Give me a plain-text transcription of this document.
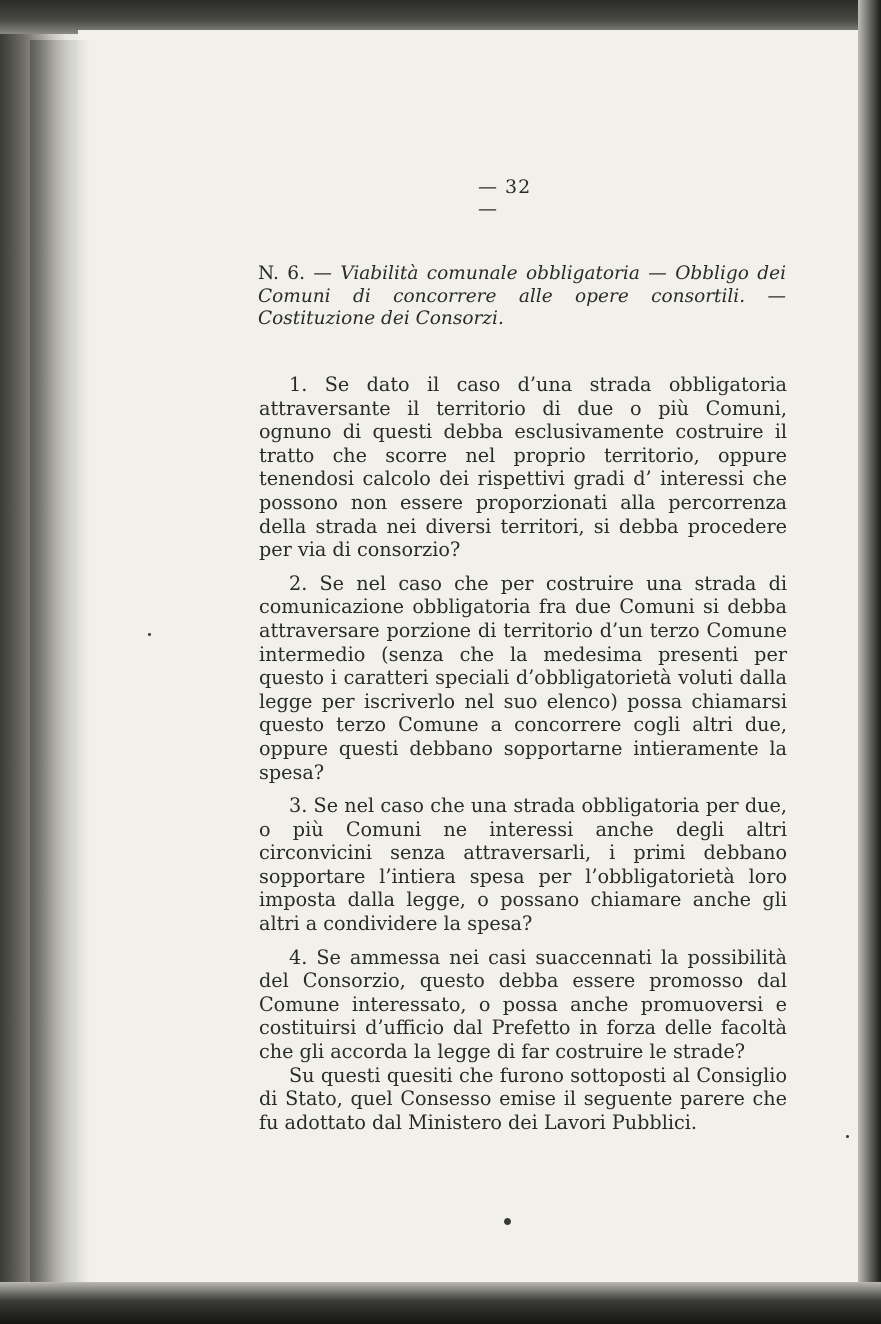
— 32 —
N. 6. — Viabilità comunale obbligatoria — Obbligo dei Comuni di concorrere alle opere consortili. — Costituzione dei Consorzi.

1. Se dato il caso d’una strada obbligatoria attraversante il territorio di due o più Comuni, ognuno di questi debba esclusivamente costruire il tratto che scorre nel proprio territorio, oppure tenendosi calcolo dei rispettivi gradi d’ interessi che possono non essere proporzionati alla percorrenza della strada nei diversi territori, si debba procedere per via di consorzio?

2. Se nel caso che per costruire una strada di comunicazione obbligatoria fra due Comuni si debba attraversare porzione di territorio d’un terzo Comune intermedio (senza che la medesima presenti per questo i caratteri speciali d’obbligatorietà voluti dalla legge per iscriverlo nel suo elenco) possa chiamarsi questo terzo Comune a concorrere cogli altri due, oppure questi debbano sopportarne intieramente la spesa?

3. Se nel caso che una strada obbligatoria per due, o più Comuni ne interessi anche degli altri circonvicini senza attraversarli, i primi debbano sopportare l’intiera spesa per l’obbligatorietà loro imposta dalla legge, o possano chiamare anche gli altri a condividere la spesa?

4. Se ammessa nei casi suaccennati la possibilità del Consorzio, questo debba essere promosso dal Comune interessato, o possa anche promuoversi e costituirsi d’ufficio dal Prefetto in forza delle facoltà che gli accorda la legge di far costruire le strade?

Su questi quesiti che furono sottoposti al Consiglio di Stato, quel Consesso emise il seguente parere che fu adottato dal Ministero dei Lavori Pubblici.
